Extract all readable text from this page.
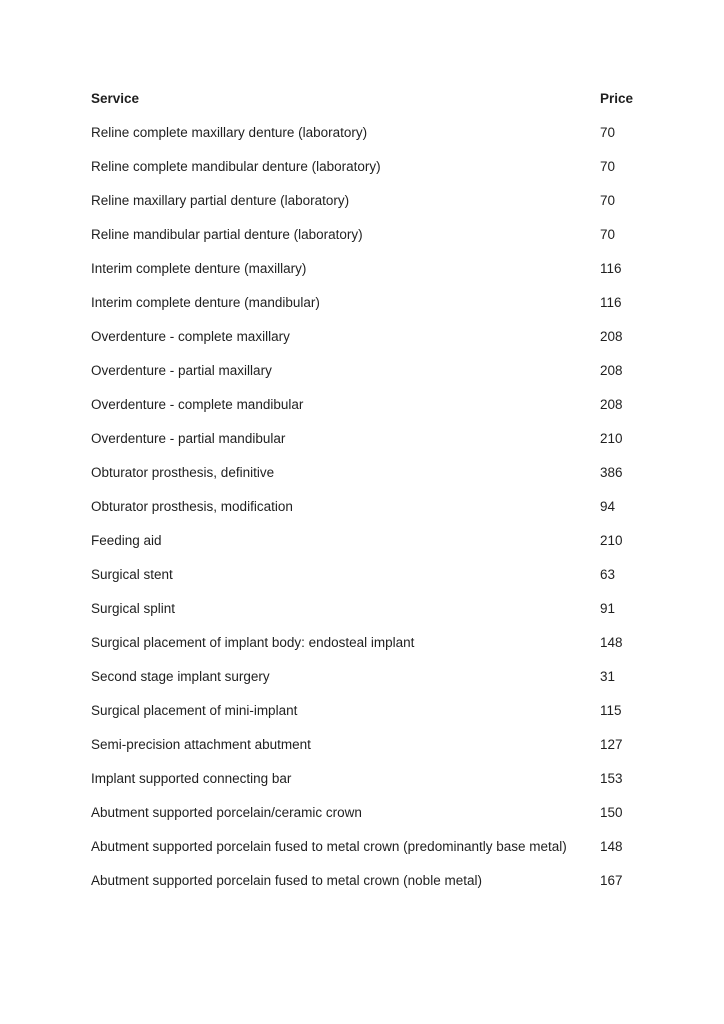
Service	Price
Reline complete maxillary denture (laboratory)	70
Reline complete mandibular denture (laboratory)	70
Reline maxillary partial denture (laboratory)	70
Reline mandibular partial denture (laboratory)	70
Interim complete denture (maxillary)	116
Interim complete denture (mandibular)	116
Overdenture - complete maxillary	208
Overdenture - partial maxillary	208
Overdenture - complete mandibular	208
Overdenture - partial mandibular	210
Obturator prosthesis, definitive	386
Obturator prosthesis, modification	94
Feeding aid	210
Surgical stent	63
Surgical splint	91
Surgical placement of implant body: endosteal implant	148
Second stage implant surgery	31
Surgical placement of mini-implant	115
Semi-precision attachment abutment	127
Implant supported connecting bar	153
Abutment supported porcelain/ceramic crown	150
Abutment supported porcelain fused to metal crown (predominantly base metal)	148
Abutment supported porcelain fused to metal crown (noble metal)	167
